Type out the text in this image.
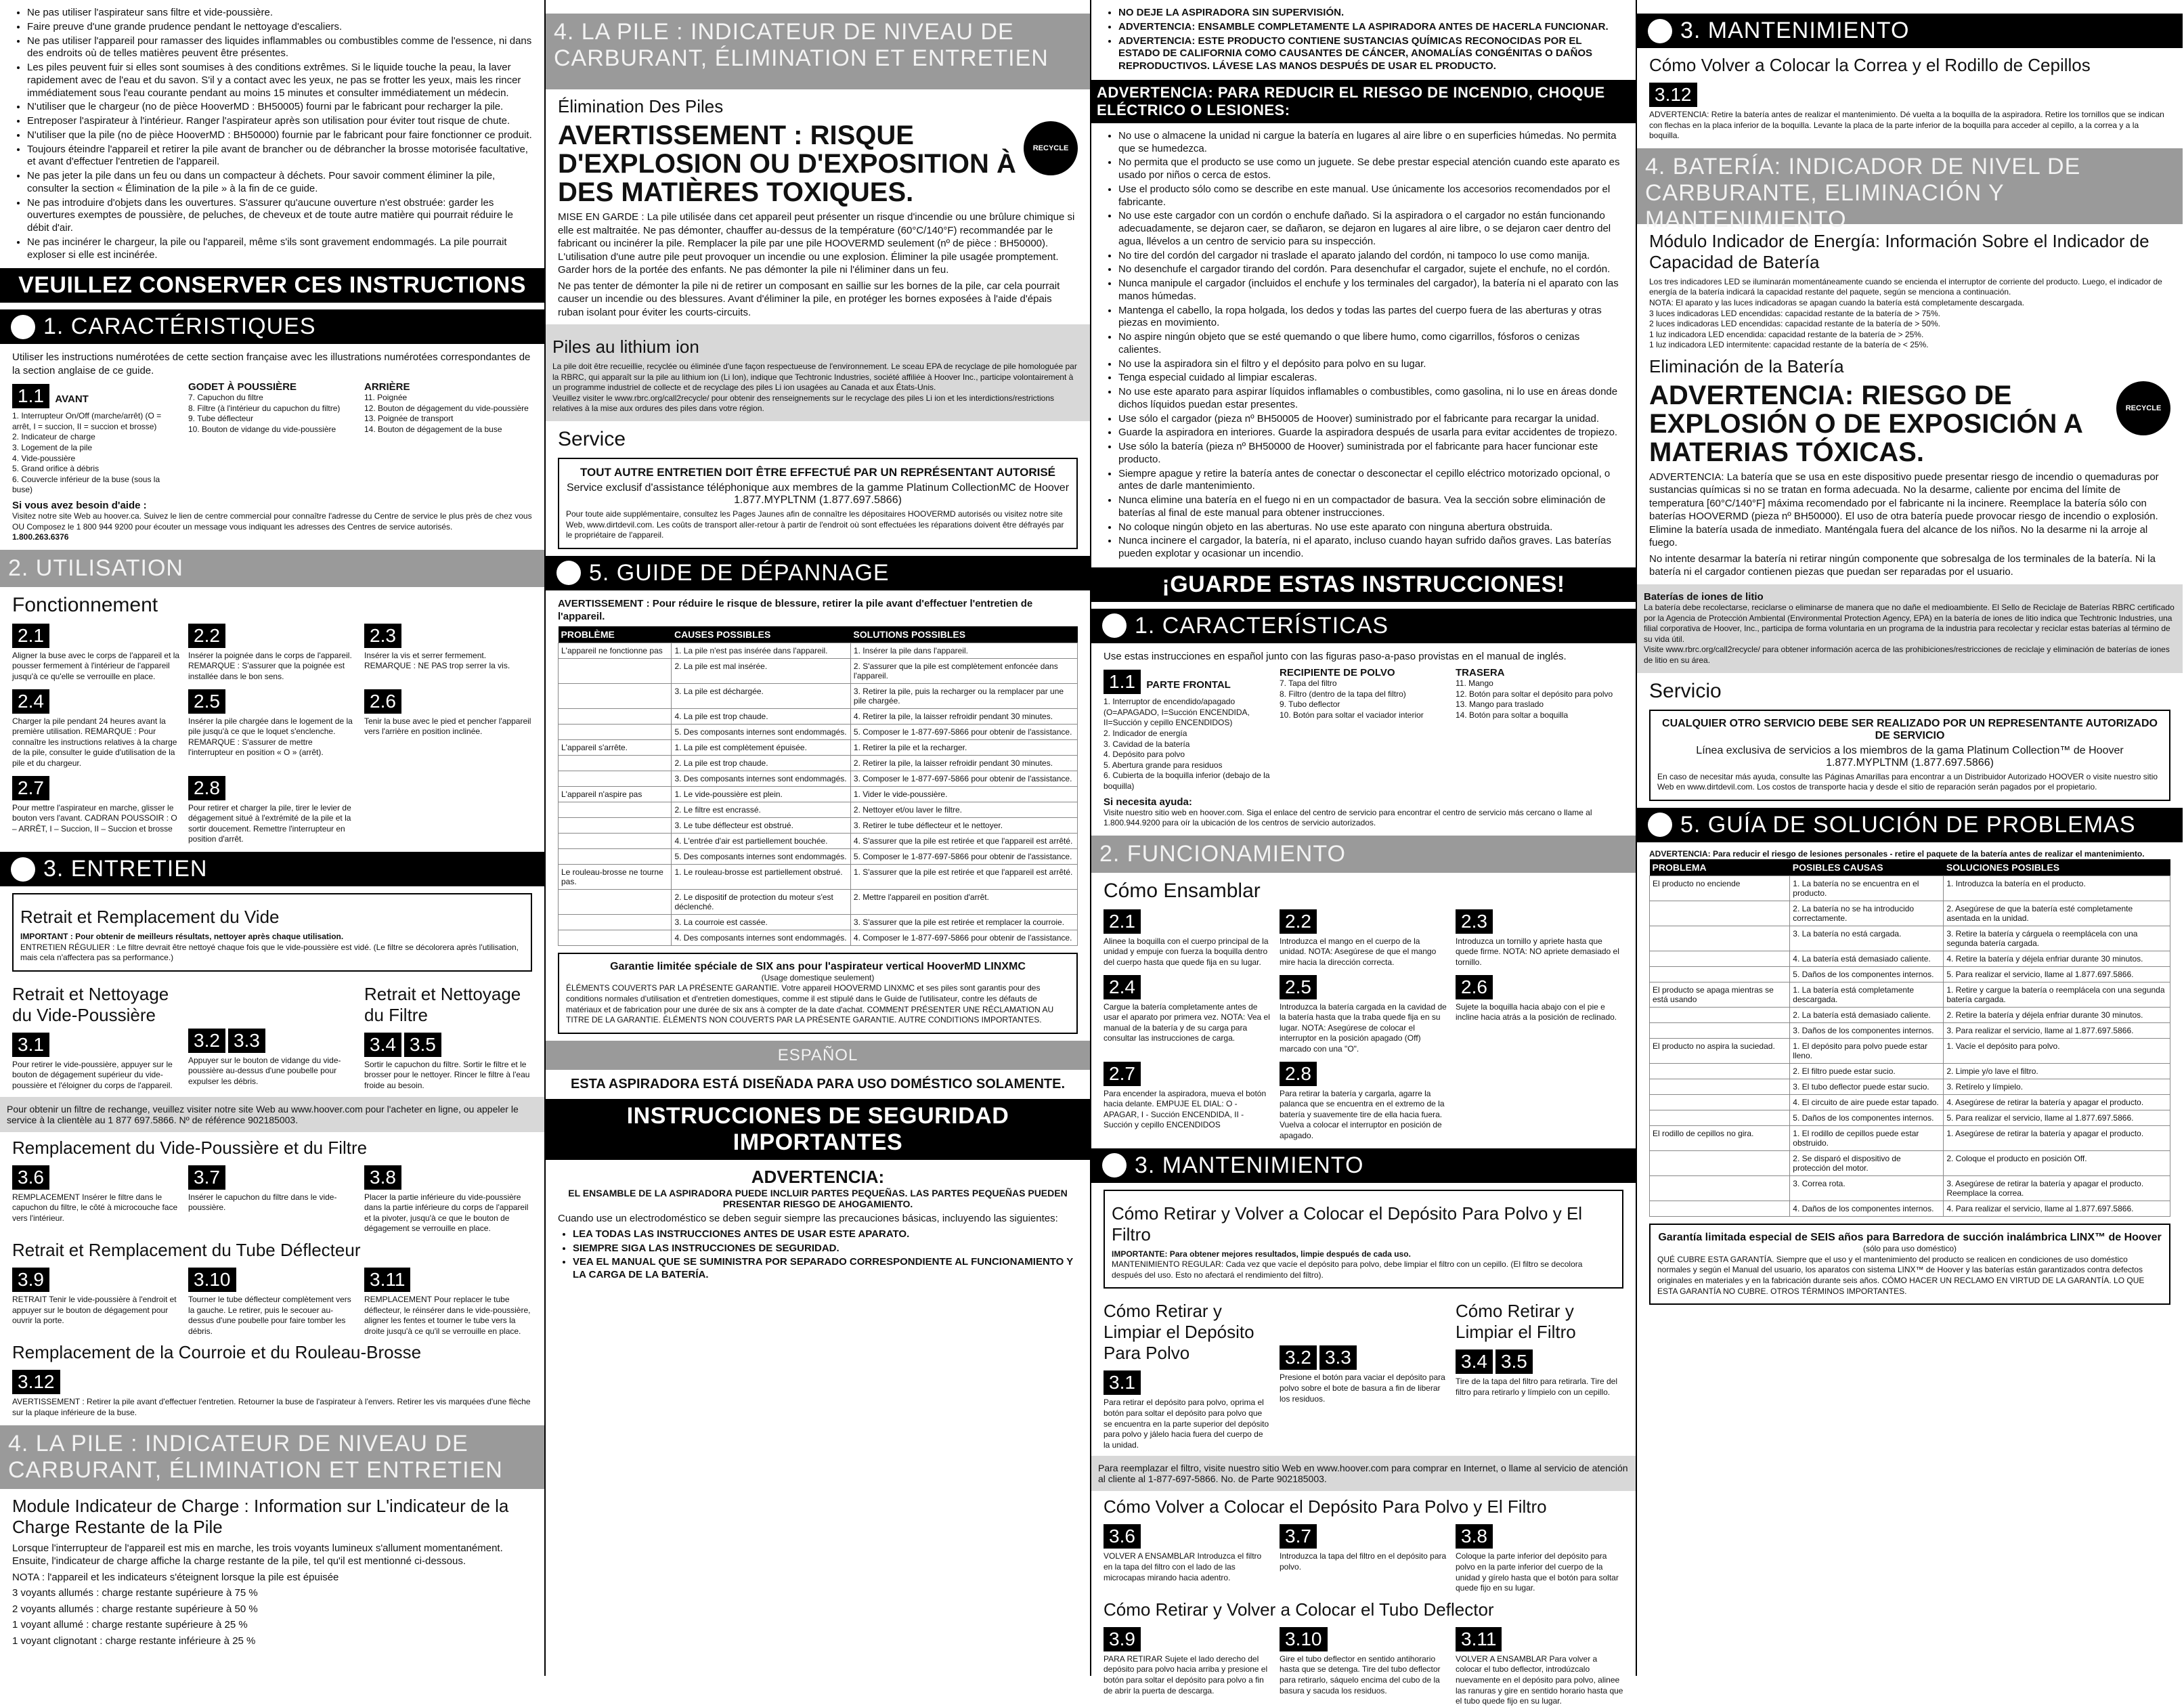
• Ne pas utiliser l'aspirateur sans filtre et vide-poussière.
• Faire preuve d'une grande prudence pendant le nettoyage d'escaliers.
• Ne pas utiliser l'appareil pour ramasser des liquides inflammables ou combustibles comme de l'essence, ni dans des endroits où de telles matières peuvent être présentes.
• Les piles peuvent fuir si elles sont soumises à des conditions extrêmes. Si le liquide touche la peau, la laver rapidement avec de l'eau et du savon. S'il y a contact avec les yeux, ne pas se frotter les yeux, mais les rincer immédiatement sous l'eau courante pendant au moins 15 minutes et consulter immédiatement un médecin.
• N'utiliser que le chargeur (no de pièce HooverMD : BH50005) fourni par le fabricant pour recharger la pile.
• Entreposer l'aspirateur à l'intérieur. Ranger l'aspirateur après son utilisation pour éviter tout risque de chute.
• N'utiliser que la pile (no de pièce HooverMD : BH50000) fournie par le fabricant pour faire fonctionner ce produit.
• Toujours éteindre l'appareil et retirer la pile avant de brancher ou de débrancher la brosse motorisée facultative, et avant d'effectuer l'entretien de l'appareil.
• Ne pas jeter la pile dans un feu ou dans un compacteur à déchets. Pour savoir comment éliminer la pile, consulter la section « Élimination de la pile » à la fin de ce guide.
• Ne pas introduire d'objets dans les ouvertures. S'assurer qu'aucune ouverture n'est obstruée: garder les ouvertures exemptes de poussière, de peluches, de cheveux et de toute autre matière qui pourrait réduire le débit d'air.
• Ne pas incinérer le chargeur, la pile ou l'appareil, même s'ils sont gravement endommagés. La pile pourrait exploser si elle est incinérée.
VEUILLEZ CONSERVER CES INSTRUCTIONS
1. CARACTÉRISTIQUES
Utiliser les instructions numérotées de cette section française avec les illustrations numérotées correspondantes de la section anglaise de ce guide.
1.1 AVANT
1. Interrupteur On/Off (marche/arrêt) (O = arrêt, I = succion, II = succion et brosse)
2. Indicateur de charge
3. Logement de la pile
4. Vide-poussière
5. Grand orifice à débris
6. Couvercle inférieur de la buse (sous la buse)
GODET À POUSSIÈRE
7. Capuchon du filtre
8. Filtre (à l'intérieur du capuchon du filtre)
9. Tube déflecteur
10. Bouton de vidange du vide-poussière
ARRIÈRE
11. Poignée
12. Bouton de dégagement du vide-poussière
13. Poignée de transport
14. Bouton de dégagement de la buse
Si vous avez besoin d'aide :
Visitez notre site Web au hoover.ca. Suivez le lien de centre commercial pour connaître l'adresse du Centre de service le plus près de chez vous OU Composez le 1 800 944 9200 pour écouter un message vous indiquant les adresses des Centres de service autorisés.
1.800.263.6376
2. UTILISATION
Fonctionnement
2.1
Aligner la buse avec le corps de l'appareil et la pousser fermement à l'intérieur de l'appareil jusqu'à ce qu'elle se verrouille en place.
2.2
Insérer la poignée dans le corps de l'appareil. REMARQUE : S'assurer que la poignée est installée dans le bon sens.
2.3
Insérer la vis et serrer fermement. REMARQUE : NE PAS trop serrer la vis.
2.4
Charger la pile pendant 24 heures avant la première utilisation. REMARQUE : Pour connaître les instructions relatives à la charge de la pile, consulter le guide d'utilisation de la pile et du chargeur.
2.5
Insérer la pile chargée dans le logement de la pile jusqu'à ce que le loquet s'enclenche. REMARQUE : S'assurer de mettre l'interrupteur en position « O » (arrêt).
2.6
Tenir la buse avec le pied et pencher l'appareil vers l'arrière en position inclinée.
2.7
Pour mettre l'aspirateur en marche, glisser le bouton vers l'avant. CADRAN POUSSOIR : O – ARRÊT, I – Succion, II – Succion et brosse
2.8
Pour retirer et charger la pile, tirer le levier de dégagement situé à l'extrémité de la pile et la sortir doucement. Remettre l'interrupteur en position d'arrêt.
3. ENTRETIEN
Retrait et Remplacement du Vide
IMPORTANT : Pour obtenir de meilleurs résultats, nettoyer après chaque utilisation.
ENTRETIEN RÉGULIER : Le filtre devrait être nettoyé chaque fois que le vide-poussière est vidé. (Le filtre se décolorera après l'utilisation, mais cela n'affectera pas sa performance.)
Retrait et Nettoyage du Vide-Poussière
3.1
Pour retirer le vide-poussière, appuyer sur le bouton de dégagement supérieur du vide-poussière et l'éloigner du corps de l'appareil.
3.2 3.3
Appuyer sur le bouton de vidange du vide-poussière au-dessus d'une poubelle pour expulser les débris.
Retrait et Nettoyage du Filtre
3.4 3.5
Sortir le capuchon du filtre. Sortir le filtre et le brosser pour le nettoyer. Rincer le filtre à l'eau froide au besoin.
Pour obtenir un filtre de rechange, veuillez visiter notre site Web au www.hoover.com pour l'acheter en ligne, ou appeler le service à la clientèle au 1 877 697.5866. Nº de référence 902185003.
Remplacement du Vide-Poussière et du Filtre
3.6
REMPLACEMENT Insérer le filtre dans le capuchon du filtre, le côté à microcouche face vers l'intérieur.
3.7
Insérer le capuchon du filtre dans le vide-poussière.
3.8
Placer la partie inférieure du vide-poussière dans la partie inférieure du corps de l'appareil et la pivoter, jusqu'à ce que le bouton de dégagement se verrouille en place.
Retrait et Remplacement du Tube Déflecteur
3.9
RETRAIT Tenir le vide-poussière à l'endroit et appuyer sur le bouton de dégagement pour ouvrir la porte.
3.10
Tourner le tube déflecteur complètement vers la gauche. Le retirer, puis le secouer au-dessus d'une poubelle pour faire tomber les débris.
3.11
REMPLACEMENT Pour replacer le tube déflecteur, le réinsérer dans le vide-poussière, aligner les fentes et tourner le tube vers la droite jusqu'à ce qu'il se verrouille en place.
Remplacement de la Courroie et du Rouleau-Brosse
3.12
AVERTISSEMENT : Retirer la pile avant d'effectuer l'entretien. Retourner la buse de l'aspirateur à l'envers. Retirer les vis marquées d'une flèche sur la plaque inférieure de la buse.
4. LA PILE : INDICATEUR DE NIVEAU DE CARBURANT, ÉLIMINATION ET ENTRETIEN
Module Indicateur de Charge : Information sur L'indicateur de la Charge Restante de la Pile
Lorsque l'interrupteur de l'appareil est mis en marche, les trois voyants lumineux s'allument momentanément. Ensuite, l'indicateur de charge affiche la charge restante de la pile, tel qu'il est mentionné ci-dessous.
NOTA : l'appareil et les indicateurs s'éteignent lorsque la pile est épuisée
3 voyants allumés : charge restante supérieure à 75 %
2 voyants allumés : charge restante supérieure à 50 %
1 voyant allumé : charge restante supérieure à 25 %
1 voyant clignotant : charge restante inférieure à 25 %
4. LA PILE : INDICATEUR DE NIVEAU DE CARBURANT, ÉLIMINATION ET ENTRETIEN
Élimination Des Piles
RECYCLE
AVERTISSEMENT : RISQUE D'EXPLOSION OU D'EXPOSITION À DES MATIÈRES TOXIQUES.
MISE EN GARDE : La pile utilisée dans cet appareil peut présenter un risque d'incendie ou une brûlure chimique si elle est maltraitée. Ne pas démonter, chauffer au-dessus de la température (60°C/140°F) recommandée par le fabricant ou incinérer la pile. Remplacer la pile par une pile HOOVERMD seulement (nº de pièce : BH50000). L'utilisation d'une autre pile peut provoquer un incendie ou une explosion. Éliminer la pile usagée promptement. Garder hors de la portée des enfants. Ne pas démonter la pile ni l'éliminer dans un feu.
Ne pas tenter de démonter la pile ni de retirer un composant en saillie sur les bornes de la pile, car cela pourrait causer un incendie ou des blessures. Avant d'éliminer la pile, en protéger les bornes exposées à l'aide d'épais ruban isolant pour éviter les courts-circuits.
Piles au lithium ion
La pile doit être recueillie, recyclée ou éliminée d'une façon respectueuse de l'environnement. Le sceau EPA de recyclage de pile homologuée par la RBRC, qui apparaît sur la pile au lithium ion (Li Ion), indique que Techtronic Industries, société affiliée à Hoover Inc., participe volontairement à un programme industriel de collecte et de recyclage des piles Li ion usagées au Canada et aux États-Unis.
Veuillez visiter le www.rbrc.org/call2recycle/ pour obtenir des renseignements sur le recyclage des piles Li ion et les interdictions/restrictions relatives à la mise aux ordures des piles dans votre région.
Service
TOUT AUTRE ENTRETIEN DOIT ÊTRE EFFECTUÉ PAR UN REPRÉSENTANT AUTORISÉ
Service exclusif d'assistance téléphonique aux membres de la gamme Platinum CollectionMC de Hoover 1.877.MYPLTNM (1.877.697.5866)
Pour toute aide supplémentaire, consultez les Pages Jaunes afin de connaître les dépositaires HOOVERMD autorisés ou visitez notre site Web, www.dirtdevil.com. Les coûts de transport aller-retour à partir de l'endroit où sont effectuées les réparations doivent être défrayés par le propriétaire de l'appareil.
5. GUIDE DE DÉPANNAGE
AVERTISSEMENT : Pour réduire le risque de blessure, retirer la pile avant d'effectuer l'entretien de l'appareil.
PROBLÈME	CAUSES POSSIBLES	SOLUTIONS POSSIBLES
L'appareil ne fonctionne pas	1. La pile n'est pas insérée dans l'appareil.	1. Insérer la pile dans l'appareil.
	2. La pile est mal insérée.	2. S'assurer que la pile est complètement enfoncée dans l'appareil.
	3. La pile est déchargée.	3. Retirer la pile, puis la recharger ou la remplacer par une pile chargée.
	4. La pile est trop chaude.	4. Retirer la pile, la laisser refroidir pendant 30 minutes.
	5. Des composants internes sont endommagés.	5. Composer le 1-877-697-5866 pour obtenir de l'assistance.
L'appareil s'arrête.	1. La pile est complètement épuisée.	1. Retirer la pile et la recharger.
	2. La pile est trop chaude.	2. Retirer la pile, la laisser refroidir pendant 30 minutes.
	3. Des composants internes sont endommagés.	3. Composer le 1-877-697-5866 pour obtenir de l'assistance.
L'appareil n'aspire pas	1. Le vide-poussière est plein.	1. Vider le vide-poussière.
	2. Le filtre est encrassé.	2. Nettoyer et/ou laver le filtre.
	3. Le tube déflecteur est obstrué.	3. Retirer le tube déflecteur et le nettoyer.
	4. L'entrée d'air est partiellement bouchée.	4. S'assurer que la pile est retirée et que l'appareil est arrêté.
	5. Des composants internes sont endommagés.	5. Composer le 1-877-697-5866 pour obtenir de l'assistance.
Le rouleau-brosse ne tourne pas.	1. Le rouleau-brosse est partiellement obstrué.	1. S'assurer que la pile est retirée et que l'appareil est arrêté.
	2. Le dispositif de protection du moteur s'est déclenché.	2. Mettre l'appareil en position d'arrêt.
	3. La courroie est cassée.	3. S'assurer que la pile est retirée et remplacer la courroie.
	4. Des composants internes sont endommagés.	4. Composer le 1-877-697-5866 pour obtenir de l'assistance.
Garantie limitée spéciale de SIX ans pour l'aspirateur vertical HooverMD LINXMC
(Usage domestique seulement)
ÉLÉMENTS COUVERTS PAR LA PRÉSENTE GARANTIE. Votre appareil HOOVERMD LINXMC et ses piles sont garantis pour des conditions normales d'utilisation et d'entretien domestiques, comme il est stipulé dans le Guide de l'utilisateur, contre les défauts de matériaux et de fabrication pour une durée de six ans à compter de la date d'achat. COMMENT PRÉSENTER UNE RÉCLAMATION AU TITRE DE LA GARANTIE. ÉLÉMENTS NON COUVERTS PAR LA PRÉSENTE GARANTIE. AUTRE CONDITIONS IMPORTANTES.
ESPAÑOL
ESTA ASPIRADORA ESTÁ DISEÑADA PARA USO DOMÉSTICO SOLAMENTE.
INSTRUCCIONES DE SEGURIDAD IMPORTANTES
ADVERTENCIA:
EL ENSAMBLE DE LA ASPIRADORA PUEDE INCLUIR PARTES PEQUEÑAS. LAS PARTES PEQUEÑAS PUEDEN PRESENTAR RIESGO DE AHOGAMIENTO.
Cuando use un electrodoméstico se deben seguir siempre las precauciones básicas, incluyendo las siguientes:
• LEA TODAS LAS INSTRUCCIONES ANTES DE USAR ESTE APARATO.
• SIEMPRE SIGA LAS INSTRUCCIONES DE SEGURIDAD.
• VEA EL MANUAL QUE SE SUMINISTRA POR SEPARADO CORRESPONDIENTE AL FUNCIONAMIENTO Y LA CARGA DE LA BATERÍA.
• NO DEJE LA ASPIRADORA SIN SUPERVISIÓN.
• ADVERTENCIA: ENSAMBLE COMPLETAMENTE LA ASPIRADORA ANTES DE HACERLA FUNCIONAR.
• ADVERTENCIA: ESTE PRODUCTO CONTIENE SUSTANCIAS QUÍMICAS RECONOCIDAS POR EL ESTADO DE CALIFORNIA COMO CAUSANTES DE CÁNCER, ANOMALÍAS CONGÉNITAS O DAÑOS REPRODUCTIVOS. LÁVESE LAS MANOS DESPUÉS DE USAR EL PRODUCTO.
ADVERTENCIA: PARA REDUCIR EL RIESGO DE INCENDIO, CHOQUE ELÉCTRICO O LESIONES:
• No use o almacene la unidad ni cargue la batería en lugares al aire libre o en superficies húmedas. No permita que se humedezca.
• No permita que el producto se use como un juguete. Se debe prestar especial atención cuando este aparato es usado por niños o cerca de estos.
• Use el producto sólo como se describe en este manual. Use únicamente los accesorios recomendados por el fabricante.
• No use este cargador con un cordón o enchufe dañado. Si la aspiradora o el cargador no están funcionando adecuadamente, se dejaron caer, se dañaron, se dejaron en lugares al aire libre, o se dejaron caer dentro del agua, llévelos a un centro de servicio para su inspección.
• No tire del cordón del cargador ni traslade el aparato jalando del cordón, ni tampoco lo use como manija.
• No desenchufe el cargador tirando del cordón. Para desenchufar el cargador, sujete el enchufe, no el cordón.
• Nunca manipule el cargador (incluidos el enchufe y los terminales del cargador), la batería ni el aparato con las manos húmedas.
• Mantenga el cabello, la ropa holgada, los dedos y todas las partes del cuerpo fuera de las aberturas y otras piezas en movimiento.
• No aspire ningún objeto que se esté quemando o que libere humo, como cigarrillos, fósforos o cenizas calientes.
• No use la aspiradora sin el filtro y el depósito para polvo en su lugar.
• Tenga especial cuidado al limpiar escaleras.
• No use este aparato para aspirar líquidos inflamables o combustibles, como gasolina, ni lo use en áreas donde dichos líquidos puedan estar presentes.
• Use sólo el cargador (pieza nº BH50005 de Hoover) suministrado por el fabricante para recargar la unidad.
• Guarde la aspiradora en interiores. Guarde la aspiradora después de usarla para evitar accidentes de tropiezo.
• Use sólo la batería (pieza nº BH50000 de Hoover) suministrada por el fabricante para hacer funcionar este producto.
• Siempre apague y retire la batería antes de conectar o desconectar el cepillo eléctrico motorizado opcional, o antes de darle mantenimiento.
• Nunca elimine una batería en el fuego ni en un compactador de basura. Vea la sección sobre eliminación de baterías al final de este manual para obtener instrucciones.
• No coloque ningún objeto en las aberturas. No use este aparato con ninguna abertura obstruida.
• Nunca incinere el cargador, la batería, ni el aparato, incluso cuando hayan sufrido daños graves. Las baterías pueden explotar y ocasionar un incendio.
¡GUARDE ESTAS INSTRUCCIONES!
1. CARACTERÍSTICAS
Use estas instrucciones en español junto con las figuras paso-a-paso provistas en el manual de inglés.
1.1 PARTE FRONTAL
1. Interruptor de encendido/apagado (O=APAGADO, I=Succión ENCENDIDA, II=Succión y cepillo ENCENDIDOS)
2. Indicador de energía
3. Cavidad de la batería
4. Depósito para polvo
5. Abertura grande para residuos
6. Cubierta de la boquilla inferior (debajo de la boquilla)
RECIPIENTE DE POLVO
7. Tapa del filtro
8. Filtro (dentro de la tapa del filtro)
9. Tubo deflector
10. Botón para soltar el vaciador interior
TRASERA
11. Mango
12. Botón para soltar el depósito para polvo
13. Mango para traslado
14. Botón para soltar a boquilla
Si necesita ayuda:
Visite nuestro sitio web en hoover.com. Siga el enlace del centro de servicio para encontrar el centro de servicio más cercano o llame al 1.800.944.9200 para oír la ubicación de los centros de servicio autorizados.
2. FUNCIONAMIENTO
Cómo Ensamblar
2.1
Alinee la boquilla con el cuerpo principal de la unidad y empuje con fuerza la boquilla dentro del cuerpo hasta que quede fija en su lugar.
2.2
Introduzca el mango en el cuerpo de la unidad. NOTA: Asegúrese de que el mango mire hacia la dirección correcta.
2.3
Introduzca un tornillo y apriete hasta que quede firme. NOTA: NO apriete demasiado el tornillo.
2.4
Cargue la batería completamente antes de usar el aparato por primera vez. NOTA: Vea el manual de la batería y de su carga para consultar las instrucciones de carga.
2.5
Introduzca la batería cargada en la cavidad de la batería hasta que la traba quede fija en su lugar. NOTA: Asegúrese de colocar el interruptor en la posición apagado (Off) marcado con una "O".
2.6
Sujete la boquilla hacia abajo con el pie e incline hacia atrás a la posición de reclinado.
2.7
Para encender la aspiradora, mueva el botón hacia delante. EMPUJE EL DIAL: O - APAGAR, I - Succión ENCENDIDA, II - Succión y cepillo ENCENDIDOS
2.8
Para retirar la batería y cargarla, agarre la palanca que se encuentra en el extremo de la batería y suavemente tire de ella hacia fuera. Vuelva a colocar el interruptor en posición de apagado.
3. MANTENIMIENTO
Cómo Retirar y Volver a Colocar el Depósito Para Polvo y El Filtro
IMPORTANTE: Para obtener mejores resultados, limpie después de cada uso.
MANTENIMIENTO REGULAR: Cada vez que vacíe el depósito para polvo, debe limpiar el filtro con un cepillo. (El filtro se decolora después del uso. Esto no afectará el rendimiento del filtro).
Cómo Retirar y Limpiar el Depósito Para Polvo
3.1
Para retirar el depósito para polvo, oprima el botón para soltar el depósito para polvo que se encuentra en la parte superior del depósito para polvo y jálelo hacia fuera del cuerpo de la unidad.
3.2 3.3
Presione el botón para vaciar el depósito para polvo sobre el bote de basura a fin de liberar los residuos.
Cómo Retirar y Limpiar el Filtro
3.4 3.5
Tire de la tapa del filtro para retirarla. Tire del filtro para retirarlo y límpielo con un cepillo.
Para reemplazar el filtro, visite nuestro sitio Web en www.hoover.com para comprar en Internet, o llame al servicio de atención al cliente al 1-877-697-5866. No. de Parte 902185003.
Cómo Volver a Colocar el Depósito Para Polvo y El Filtro
3.6
VOLVER A ENSAMBLAR Introduzca el filtro en la tapa del filtro con el lado de las microcapas mirando hacia adentro.
3.7
Introduzca la tapa del filtro en el depósito para polvo.
3.8
Coloque la parte inferior del depósito para polvo en la parte inferior del cuerpo de la unidad y gírelo hasta que el botón para soltar quede fijo en su lugar.
Cómo Retirar y Volver a Colocar el Tubo Deflector
3.9
PARA RETIRAR Sujete el lado derecho del depósito para polvo hacia arriba y presione el botón para soltar el depósito para polvo a fin de abrir la puerta de descarga.
3.10
Gire el tubo deflector en sentido antihorario hasta que se detenga. Tire del tubo deflector para retirarlo, sáquelo encima del cubo de la basura y sacuda los residuos.
3.11
VOLVER A ENSAMBLAR Para volver a colocar el tubo deflector, introdúzcalo nuevamente en el depósito para polvo, alinee las ranuras y gire en sentido horario hasta que el tubo quede fijo en su lugar.
3. MANTENIMIENTO
Cómo Volver a Colocar la Correa y el Rodillo de Cepillos
3.12
ADVERTENCIA: Retire la batería antes de realizar el mantenimiento. Dé vuelta a la boquilla de la aspiradora. Retire los tornillos que se indican con flechas en la placa inferior de la boquilla. Levante la placa de la parte inferior de la boquilla para acceder al cepillo, a la correa y a la boquilla.
4. BATERÍA: INDICADOR DE NIVEL DE CARBURANTE, ELIMINACIÓN Y MANTENIMIENTO
Módulo Indicador de Energía: Información Sobre el Indicador de Capacidad de Batería
Los tres indicadores LED se iluminarán momentáneamente cuando se encienda el interruptor de corriente del producto. Luego, el indicador de energía de la batería indicará la capacidad restante del paquete, según se menciona a continuación.
NOTA: El aparato y las luces indicadoras se apagan cuando la batería está completamente descargada.
3 luces indicadoras LED encendidas: capacidad restante de la batería de > 75%.
2 luces indicadoras LED encendidas: capacidad restante de la batería de > 50%.
1 luz indicadora LED encendida: capacidad restante de la batería de > 25%.
1 luz indicadora LED intermitente: capacidad restante de la batería de < 25%.
Eliminación de la Batería
RECYCLE
ADVERTENCIA: RIESGO DE EXPLOSIÓN O DE EXPOSICIÓN A MATERIAS TÓXICAS.
ADVERTENCIA: La batería que se usa en este dispositivo puede presentar riesgo de incendio o quemaduras por sustancias químicas si no se tratan en forma adecuada. No la desarme, caliente por encima del límite de temperatura [60°C/140°F] máxima recomendado por el fabricante ni la incinere. Reemplace la batería sólo con baterías HOOVERMD (pieza nº BH50000). El uso de otra batería puede provocar riesgo de incendio o explosión. Elimine la batería usada de inmediato. Manténgala fuera del alcance de los niños. No la desarme ni la arroje al fuego.
No intente desarmar la batería ni retirar ningún componente que sobresalga de los terminales de la batería. Ni la batería ni el cargador contienen piezas que puedan ser reparadas por el usuario.
Baterías de iones de litio
La batería debe recolectarse, reciclarse o eliminarse de manera que no dañe el medioambiente. El Sello de Reciclaje de Baterías RBRC certificado por la Agencia de Protección Ambiental (Environmental Protection Agency, EPA) en la batería de iones de litio indica que Techtronic Industries, una filial corporativa de Hoover, Inc., participa de forma voluntaria en un programa de la industria para recolectar y reciclar estas baterías al término de su vida útil.
Visite www.rbrc.org/call2recycle/ para obtener información acerca de las prohibiciones/restricciones de reciclaje y eliminación de baterías de iones de litio en su área.
Servicio
CUALQUIER OTRO SERVICIO DEBE SER REALIZADO POR UN REPRESENTANTE AUTORIZADO DE SERVICIO
Línea exclusiva de servicios a los miembros de la gama Platinum Collection™ de Hoover 1.877.MYPLTNM (1.877.697.5866)
En caso de necesitar más ayuda, consulte las Páginas Amarillas para encontrar a un Distribuidor Autorizado HOOVER o visite nuestro sitio Web en www.dirtdevil.com. Los costos de transporte hacia y desde el sitio de reparación serán pagados por el propietario.
5. GUÍA DE SOLUCIÓN DE PROBLEMAS
ADVERTENCIA: Para reducir el riesgo de lesiones personales - retire el paquete de la batería antes de realizar el mantenimiento.
PROBLEMA	POSIBLES CAUSAS	SOLUCIONES POSIBLES
El producto no enciende	1. La batería no se encuentra en el producto.	1. Introduzca la batería en el producto.
	2. La batería no se ha introducido correctamente.	2. Asegúrese de que la batería esté completamente asentada en la unidad.
	3. La batería no está cargada.	3. Retire la batería y cárguela o reemplácela con una segunda batería cargada.
	4. La batería está demasiado caliente.	4. Retire la batería y déjela enfriar durante 30 minutos.
	5. Daños de los componentes internos.	5. Para realizar el servicio, llame al 1.877.697.5866.
El producto se apaga mientras se está usando	1. La batería está completamente descargada.	1. Retire y cargue la batería o reemplácela con una segunda batería cargada.
	2. La batería está demasiado caliente.	2. Retire la batería y déjela enfriar durante 30 minutos.
	3. Daños de los componentes internos.	3. Para realizar el servicio, llame al 1.877.697.5866.
El producto no aspira la suciedad.	1. El depósito para polvo puede estar lleno.	1. Vacíe el depósito para polvo.
	2. El filtro puede estar sucio.	2. Limpie y/o lave el filtro.
	3. El tubo deflector puede estar sucio.	3. Retírelo y límpielo.
	4. El circuito de aire puede estar tapado.	4. Asegúrese de retirar la batería y apagar el producto.
	5. Daños de los componentes internos.	5. Para realizar el servicio, llame al 1.877.697.5866.
El rodillo de cepillos no gira.	1. El rodillo de cepillos puede estar obstruido.	1. Asegúrese de retirar la batería y apagar el producto.
	2. Se disparó el dispositivo de protección del motor.	2. Coloque el producto en posición Off.
	3. Correa rota.	3. Asegúrese de retirar la batería y apagar el producto. Reemplace la correa.
	4. Daños de los componentes internos.	4. Para realizar el servicio, llame al 1.877.697.5866.
Garantía limitada especial de SEIS años para Barredora de succión inalámbrica LINX™ de Hoover
(sólo para uso doméstico)
QUÉ CUBRE ESTA GARANTÍA. Siempre que el uso y el mantenimiento del producto se realicen en condiciones de uso doméstico normales y según el Manual del usuario, los aparatos con sistema LINX™ de Hoover y las baterías están garantizados contra defectos originales en materiales y en la fabricación durante seis años. CÓMO HACER UN RECLAMO EN VIRTUD DE LA GARANTÍA. LO QUE ESTA GARANTÍA NO CUBRE. OTROS TÉRMINOS IMPORTANTES.
